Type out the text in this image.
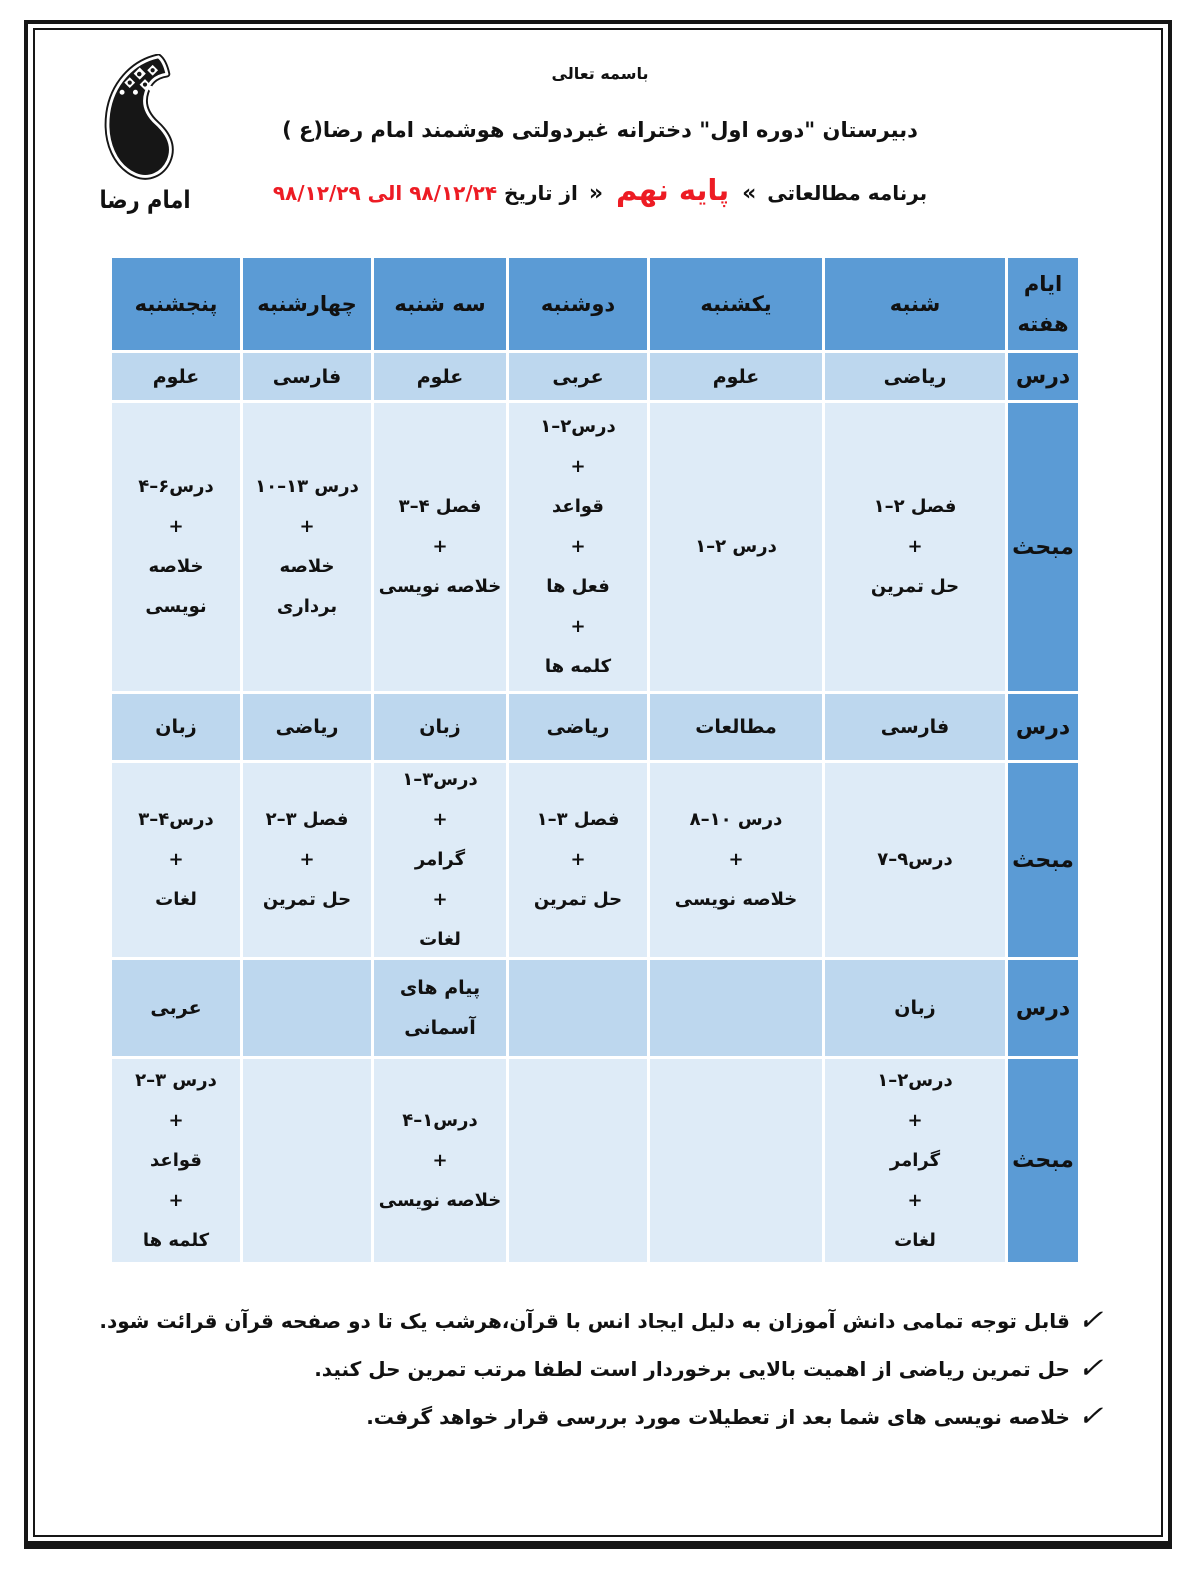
امام رضا
باسمه تعالی
دبیرستان "دوره اول" دخترانه غیردولتی هوشمند امام رضا(ع )
برنامه مطالعاتی « پایه نهم » از تاریخ ۹۸/۱۲/۲۴ الی ۹۸/۱۲/۲۹
ایام
هفته
شنبه
یکشنبه
دوشنبه
سه شنبه
چهارشنبه
پنجشنبه
درس
ریاضی
علوم
عربی
علوم
فارسی
علوم
مبحث
فصل ۲–۱
+
حل تمرین
درس ۲–۱
درس۲–۱
+
قواعد
+
فعل ها
+
کلمه ها
فصل ۴–۳
+
خلاصه نویسی
درس ۱۳–۱۰
+
خلاصه
برداری
درس۶–۴
+
خلاصه
نویسی
درس
فارسی
مطالعات
ریاضی
زبان
ریاضی
زبان
مبحث
درس۹–۷
درس ۱۰–۸
+
خلاصه نویسی
فصل ۳–۱
+
حل تمرین
درس۳–۱
+
گرامر
+
لغات
فصل ۳–۲
+
حل تمرین
درس۴–۳
+
لغات
درس
زبان
پیام های
آسمانی
عربی
مبحث
درس۲–۱
+
گرامر
+
لغات
درس۱–۴
+
خلاصه نویسی
درس ۳–۲
+
قواعد
+
کلمه ها
✓
قابل توجه تمامی دانش آموزان به دلیل ایجاد انس با قرآن،هرشب یک تا دو صفحه قرآن قرائت شود.
✓
حل تمرین ریاضی از اهمیت بالایی برخوردار است لطفا مرتب تمرین حل کنید.
✓
خلاصه نویسی های شما بعد از تعطیلات مورد بررسی قرار خواهد گرفت.
